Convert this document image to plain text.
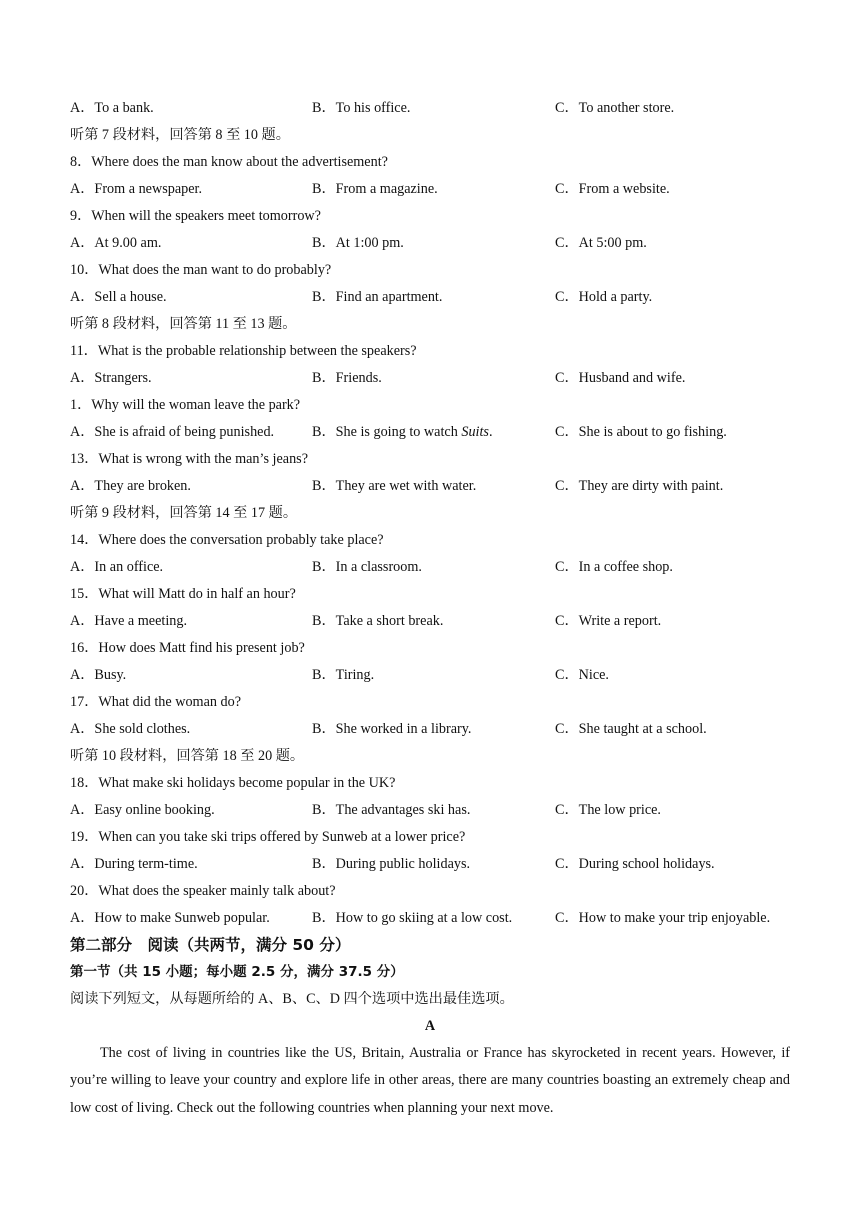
A．To a bank.	B．To his office.	C．To another store.
听第 7 段材料，回答第 8 至 10 题。
8．Where does the man know about the advertisement?
A．From a newspaper.	B．From a magazine.	C．From a website.
9．When will the speakers meet tomorrow?
A．At 9.00 am.	B．At 1:00 pm.	C．At 5:00 pm.
10．What does the man want to do probably?
A．Sell a house.	B．Find an apartment.	C．Hold a party.
听第 8 段材料，回答第 11 至 13 题。
11．What is the probable relationship between the speakers?
A．Strangers.	B．Friends.	C．Husband and wife.
1．Why will the woman leave the park?
A．She is afraid of being punished.	B．She is going to watch Suits.	C．She is about to go fishing.
13．What is wrong with the man’s jeans?
A．They are broken.	B．They are wet with water.	C．They are dirty with paint.
听第 9 段材料，回答第 14 至 17 题。
14．Where does the conversation probably take place?
A．In an office.	B．In a classroom.	C．In a coffee shop.
15．What will Matt do in half an hour?
A．Have a meeting.	B．Take a short break.	C．Write a report.
16．How does Matt find his present job?
A．Busy.	B．Tiring.	C．Nice.
17．What did the woman do?
A．She sold clothes.	B．She worked in a library.	C．She taught at a school.
听第 10 段材料，回答第 18 至 20 题。
18．What make ski holidays become popular in the UK?
A．Easy online booking.	B．The advantages ski has.	C．The low price.
19．When can you take ski trips offered by Sunweb at a lower price?
A．During term-time.	B．During public holidays.	C．During school holidays.
20．What does the speaker mainly talk about?
A．How to make Sunweb popular.	B．How to go skiing at a low cost.	C．How to make your trip enjoyable.
第二部分　阅读（共两节，满分 50 分）
第一节（共 15 小题；每小题 2.5 分，满分 37.5 分）
阅读下列短文，从每题所给的 A、B、C、D 四个选项中选出最佳选项。
A

The cost of living in countries like the US, Britain, Australia or France has skyrocketed in recent years. However, if you’re willing to leave your country and explore life in other areas, there are many countries boasting an extremely cheap and low cost of living. Check out the following countries when planning your next move.
